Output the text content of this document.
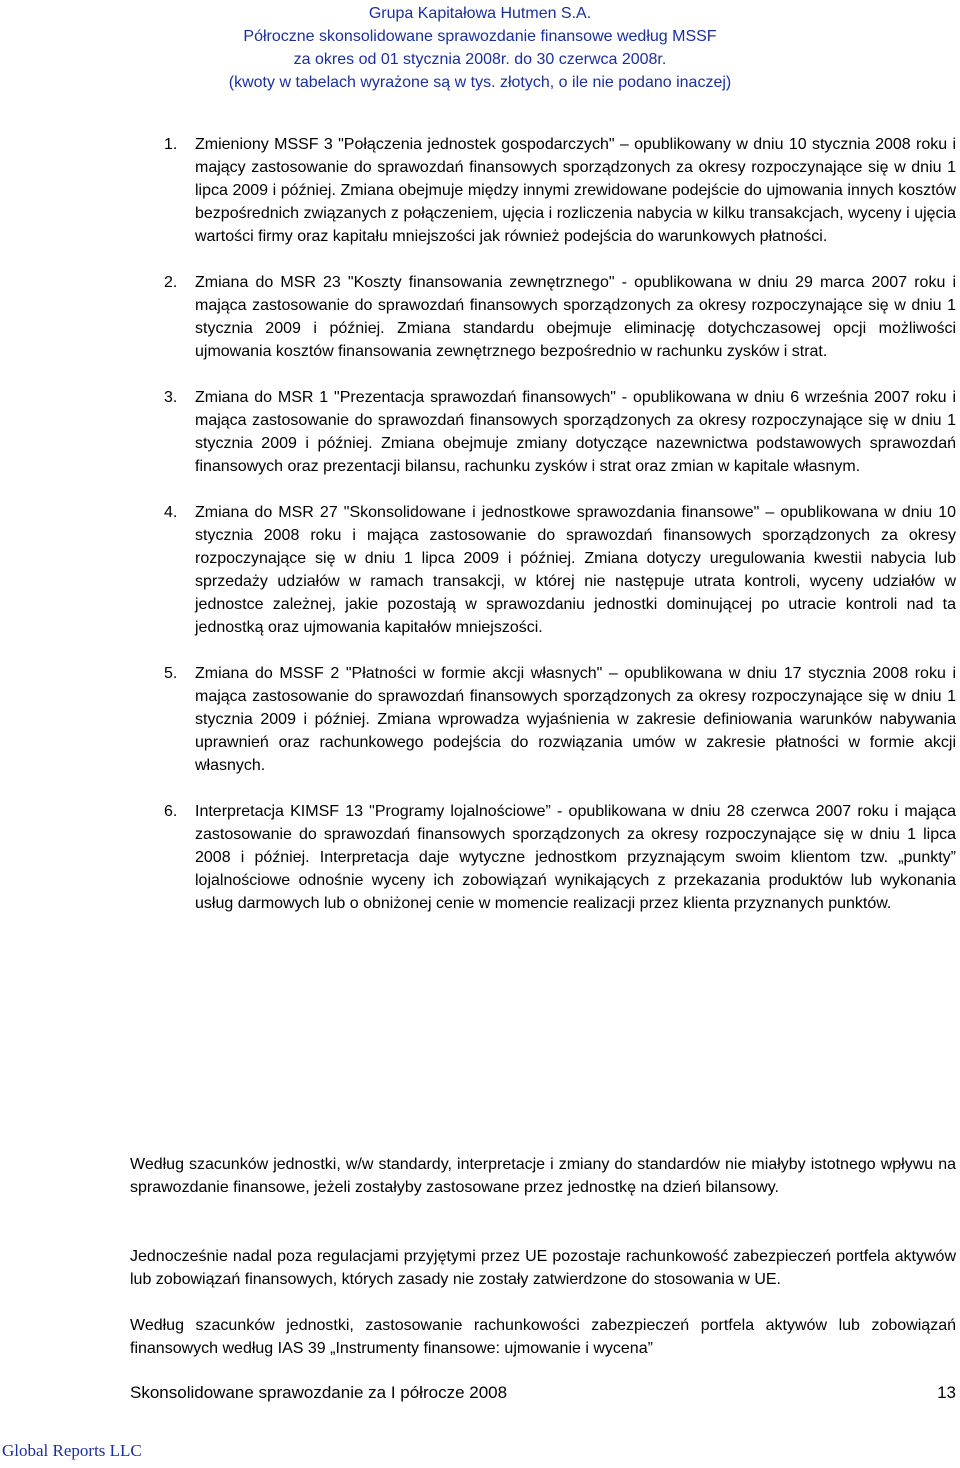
Grupa Kapitałowa Hutmen S.A.
Półroczne skonsolidowane sprawozdanie finansowe według MSSF
za okres od 01 stycznia 2008r. do 30 czerwca 2008r.
(kwoty w tabelach wyrażone są w tys. złotych, o ile nie podano inaczej)
1. Zmieniony MSSF 3 "Połączenia jednostek gospodarczych" – opublikowany w dniu 10 stycznia 2008 roku i mający zastosowanie do sprawozdań finansowych sporządzonych za okresy rozpoczynające się w dniu 1 lipca 2009 i później. Zmiana obejmuje między innymi zrewidowane podejście do ujmowania innych kosztów bezpośrednich związanych z połączeniem, ujęcia i rozliczenia nabycia w kilku transakcjach, wyceny i ujęcia wartości firmy oraz kapitału mniejszości jak również podejścia do warunkowych płatności.
2. Zmiana do MSR 23 "Koszty finansowania zewnętrznego" - opublikowana w dniu 29 marca 2007 roku i mająca zastosowanie do sprawozdań finansowych sporządzonych za okresy rozpoczynające się w dniu 1 stycznia 2009 i później. Zmiana standardu obejmuje eliminację dotychczasowej opcji możliwości ujmowania kosztów finansowania zewnętrznego bezpośrednio w rachunku zysków i strat.
3. Zmiana do MSR 1 "Prezentacja sprawozdań finansowych" - opublikowana w dniu 6 września 2007 roku i mająca zastosowanie do sprawozdań finansowych sporządzonych za okresy rozpoczynające się w dniu 1 stycznia 2009 i później. Zmiana obejmuje zmiany dotyczące nazewnictwa podstawowych sprawozdań finansowych oraz prezentacji bilansu, rachunku zysków i strat oraz zmian w kapitale własnym.
4. Zmiana do MSR 27 "Skonsolidowane i jednostkowe sprawozdania finansowe" – opublikowana w dniu 10 stycznia 2008 roku i mająca zastosowanie do sprawozdań finansowych sporządzonych za okresy rozpoczynające się w dniu 1 lipca 2009 i później. Zmiana dotyczy uregulowania kwestii nabycia lub sprzedaży udziałów w ramach transakcji, w której nie następuje utrata kontroli, wyceny udziałów w jednostce zależnej, jakie pozostają w sprawozdaniu jednostki dominującej po utracie kontroli nad ta jednostką oraz ujmowania kapitałów mniejszości.
5. Zmiana do MSSF 2 "Płatności w formie akcji własnych" – opublikowana w dniu 17 stycznia 2008 roku i mająca zastosowanie do sprawozdań finansowych sporządzonych za okresy rozpoczynające się w dniu 1 stycznia 2009 i później. Zmiana wprowadza wyjaśnienia w zakresie definiowania warunków nabywania uprawnień oraz rachunkowego podejścia do rozwiązania umów w zakresie płatności w formie akcji własnych.
6. Interpretacja KIMSF 13 "Programy lojalnościowe” - opublikowana w dniu 28 czerwca 2007 roku i mająca zastosowanie do sprawozdań finansowych sporządzonych za okresy rozpoczynające się w dniu 1 lipca 2008 i później. Interpretacja daje wytyczne jednostkom przyznającym swoim klientom tzw. „punkty” lojalnościowe odnośnie wyceny ich zobowiązań wynikających z przekazania produktów lub wykonania usług darmowych lub o obniżonej cenie w momencie realizacji przez klienta przyznanych punktów.
Według szacunków jednostki, w/w standardy, interpretacje i zmiany do standardów nie miałyby istotnego wpływu na sprawozdanie finansowe, jeżeli zostałyby zastosowane przez jednostkę na dzień bilansowy.
Jednocześnie nadal poza regulacjami przyjętymi przez UE pozostaje rachunkowość zabezpieczeń portfela aktywów lub zobowiązań finansowych, których zasady nie zostały zatwierdzone do stosowania w UE.
Według szacunków jednostki, zastosowanie rachunkowości zabezpieczeń portfela aktywów lub zobowiązań finansowych według IAS 39 „Instrumenty finansowe: ujmowanie i wycena”
Skonsolidowane sprawozdanie za I półrocze 2008	13
Global Reports LLC
